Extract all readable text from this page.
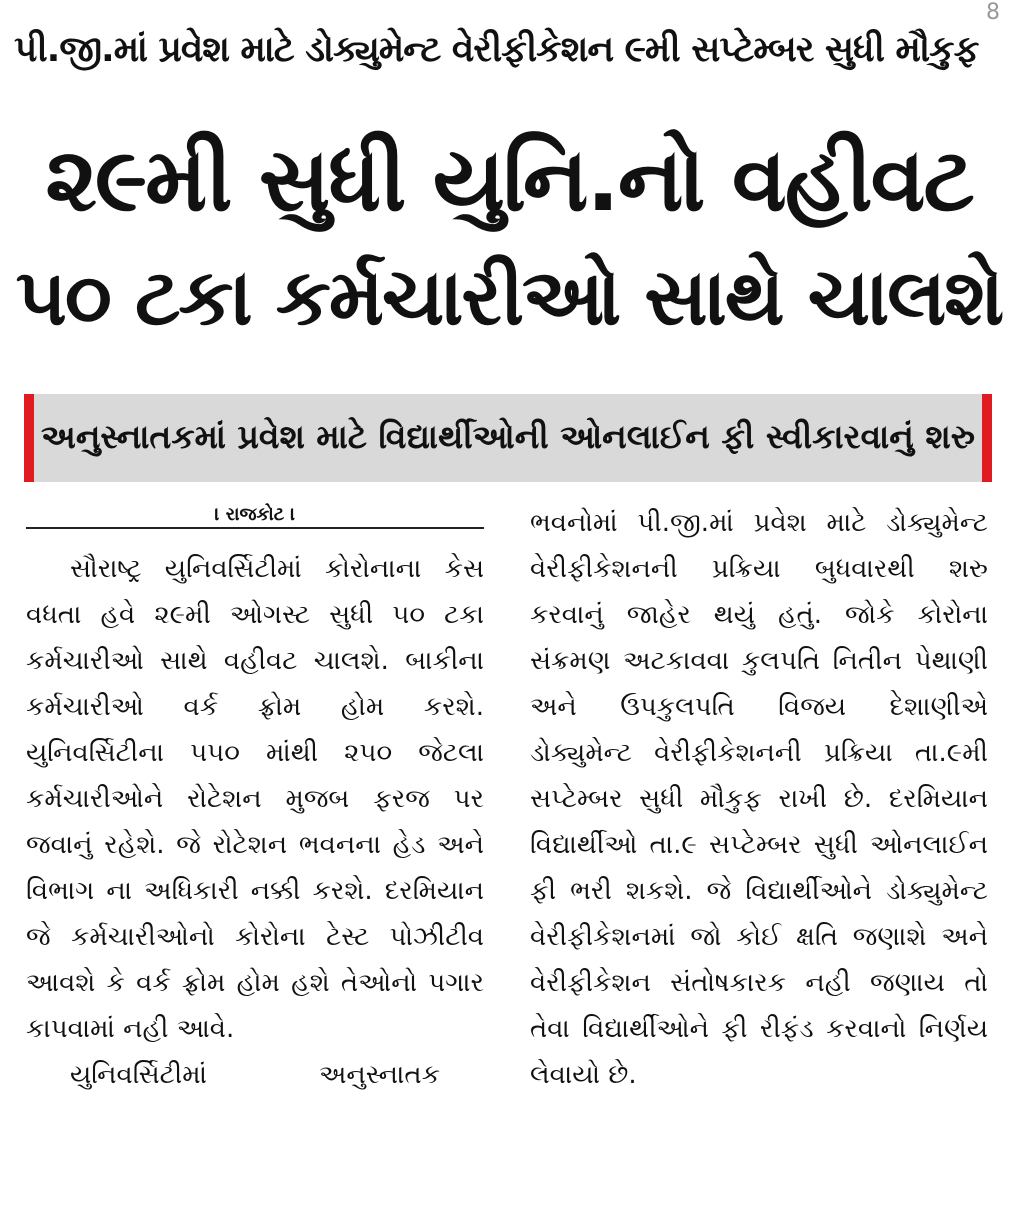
8
પી.જી.માં પ્રવેશ માટે ડોક્યુમેન્ટ વેરીફીકેશન ૯મી સપ્ટેમ્બર સુધી મૌકુફ
૨૯મી સુધી યુનિ.નો વહીવટ
૫૦ ટકા કર્મચારીઓ સાથે ચાલશે
અનુસ્નાતકમાં પ્રવેશ માટે વિદ્યાર્થીઓની ઓનલાઈન ફી સ્વીકારવાનું શરુ
। રાજકોટ ।

સૌરાષ્ટ્ર યુનિવર્સિટીમાં કોરોનાના કેસ વધતા હવે ૨૯મી ઓગસ્ટ સુધી ૫૦ ટકા કર્મચારીઓ સાથે વહીવટ ચાલશે. બાકીના કર્મચારીઓ વર્ક ફ્રોમ હોમ કરશે. યુનિવર્સિટીના ૫૫૦ માંથી ૨૫૦ જેટલા કર્મચારીઓને રોટેશન મુજબ ફરજ પર જવાનું રહેશે. જે રોટેશન ભવનના હેડ અને વિભાગ ના અધિકારી નક્કી કરશે. દરમિયાન જે કર્મચારીઓનો કોરોના ટેસ્ટ પોઝીટીવ આવશે કે વર્ક ફ્રોમ હોમ હશે તેઓનો પગાર કાપવામાં નહી આવે.

યુનિવર્સિટીમાં	અનુસ્નાતક

ભવનોમાં પી.જી.માં પ્રવેશ માટે ડોક્યુમેન્ટ વેરીફીકેશનની પ્રક્રિયા બુધવારથી શરુ કરવાનું જાહેર થયું હતું. જોકે કોરોના સંક્રમણ અટકાવવા કુલપતિ નિતીન પેથાણી અને ઉપકુલપતિ વિજય દેશાણીએ ડોક્યુમેન્ટ વેરીફીકેશનની પ્રક્રિયા તા.૯મી સપ્ટેમ્બર સુધી મૌકુફ રાખી છે. દરમિયાન વિદ્યાર્થીઓ તા.૯ સપ્ટેમ્બર સુધી ઓનલાઈન ફી ભરી શકશે. જે વિદ્યાર્થીઓને ડોક્યુમેન્ટ વેરીફીકેશનમાં જો કોઈ ક્ષતિ જણાશે અને વેરીફીકેશન સંતોષકારક નહી જણાય તો તેવા વિદ્યાર્થીઓને ફી રીફંડ કરવાનો નિર્ણય લેવાયો છે.
